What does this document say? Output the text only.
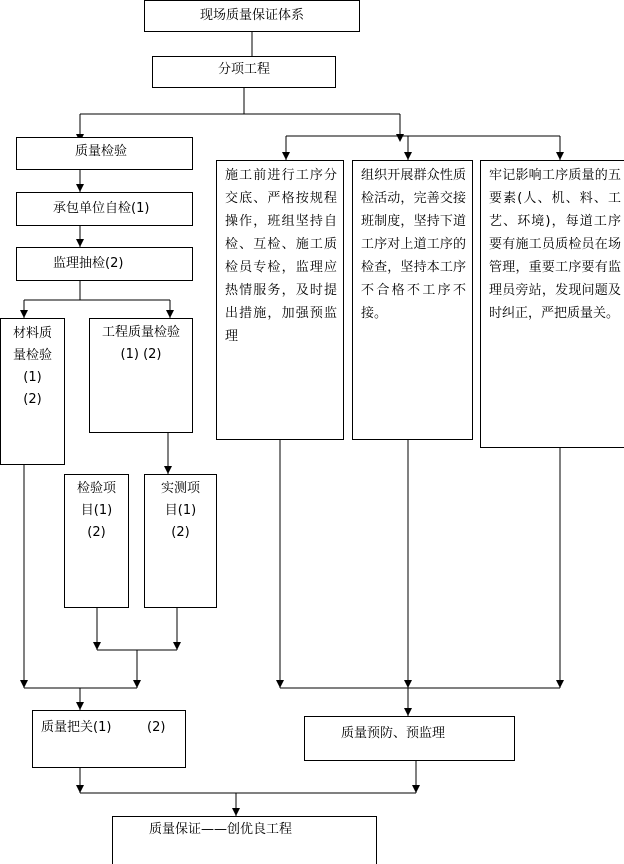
现场质量保证体系
分项工程
质量检验
承包单位自检(1)
监理抽检(2)
材料质
量检验
(1)
(2)
工程质量检验
(1) (2)
检验项
目(1)
(2)
实测项
目(1)
(2)
施工前进行工序分交底、严格按规程操作，班组坚持自检、互检、施工质检员专检，监理应热情服务，及时提出措施，加强预监理
组织开展群众性质检活动，完善交接班制度，坚持下道工序对上道工序的检查，坚持本工序不合格不工序不接。
牢记影响工序质量的五要素(人、机、料、工艺、环境)，每道工序要有施工员质检员在场管理，重要工序要有监理员旁站，发现问题及时纠正，严把质量关。
质量把关(1)	(2)	质量预防、预监理
质量保证——创优良工程
